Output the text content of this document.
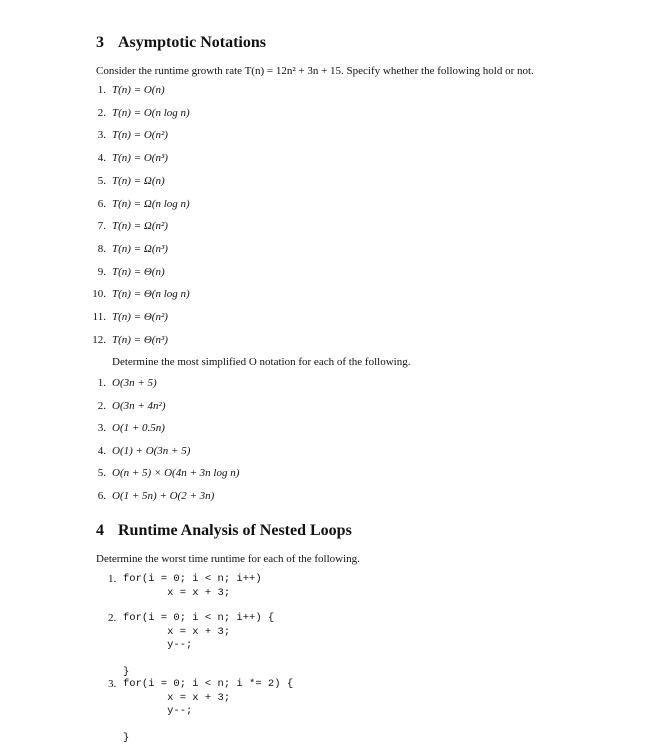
3 Asymptotic Notations
Consider the runtime growth rate T(n) = 12n² + 3n + 15. Specify whether the following hold or not.
1. T(n) = O(n)
2. T(n) = O(n log n)
3. T(n) = O(n²)
4. T(n) = O(n³)
5. T(n) = Ω(n)
6. T(n) = Ω(n log n)
7. T(n) = Ω(n²)
8. T(n) = Ω(n³)
9. T(n) = Θ(n)
10. T(n) = Θ(n log n)
11. T(n) = Θ(n²)
12. T(n) = Θ(n³)
Determine the most simplified O notation for each of the following.
1. O(3n + 5)
2. O(3n + 4n²)
3. O(1 + 0.5n)
4. O(1) + O(3n + 5)
5. O(n + 5) × O(4n + 3n log n)
6. O(1 + 5n) + O(2 + 3n)
4 Runtime Analysis of Nested Loops
Determine the worst time runtime for each of the following.
1. for(i = 0; i < n; i++)
x = x + 3;
2. for(i = 0; i < n; i++) {
x = x + 3;
y--;
}
3. for(i = 0; i < n; i *= 2) {
x = x + 3;
y--;
}
